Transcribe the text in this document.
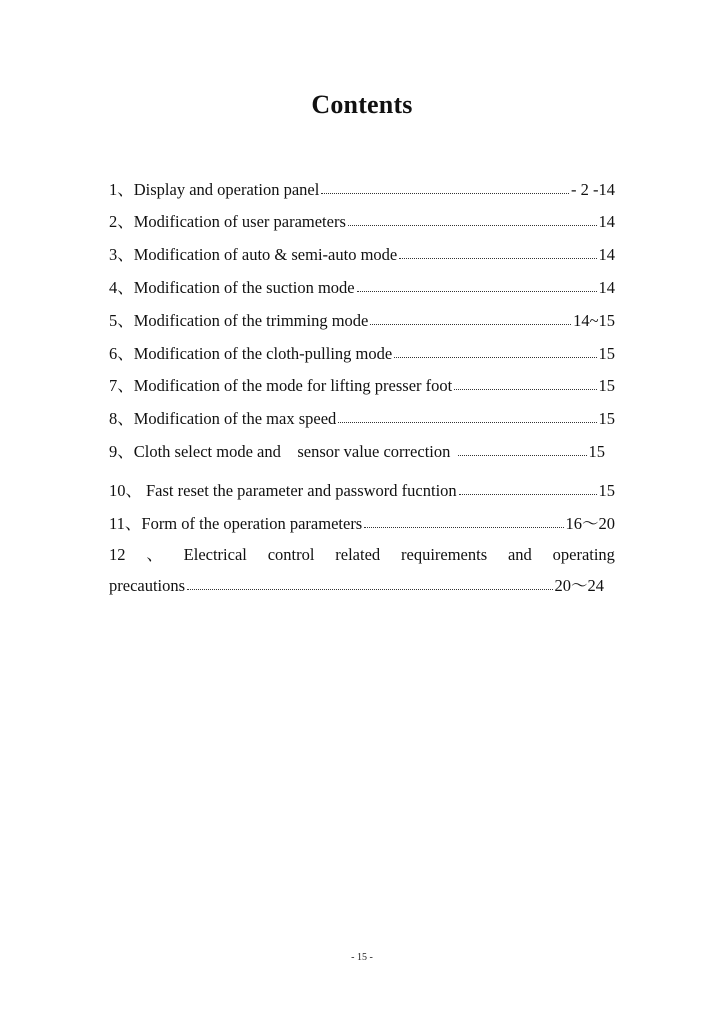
Contents
1、 Display and operation panel	- 2 -14
2、 Modification of user parameters	14
3、 Modification of auto & semi-auto mode	14
4、 Modification of the suction mode	14
5、 Modification of the trimming mode	14~15
6、 Modification of the cloth-pulling mode	15
7、 Modification of the mode for lifting presser foot	15
8、 Modification of the max speed	15
9、 Cloth select mode and    sensor value correction	15
10、 Fast reset the parameter and password fucntion	15
11、 Form of the operation parameters	16～20
12 、 Electrical control related requirements and operating
precautions	20～24
- 15 -
